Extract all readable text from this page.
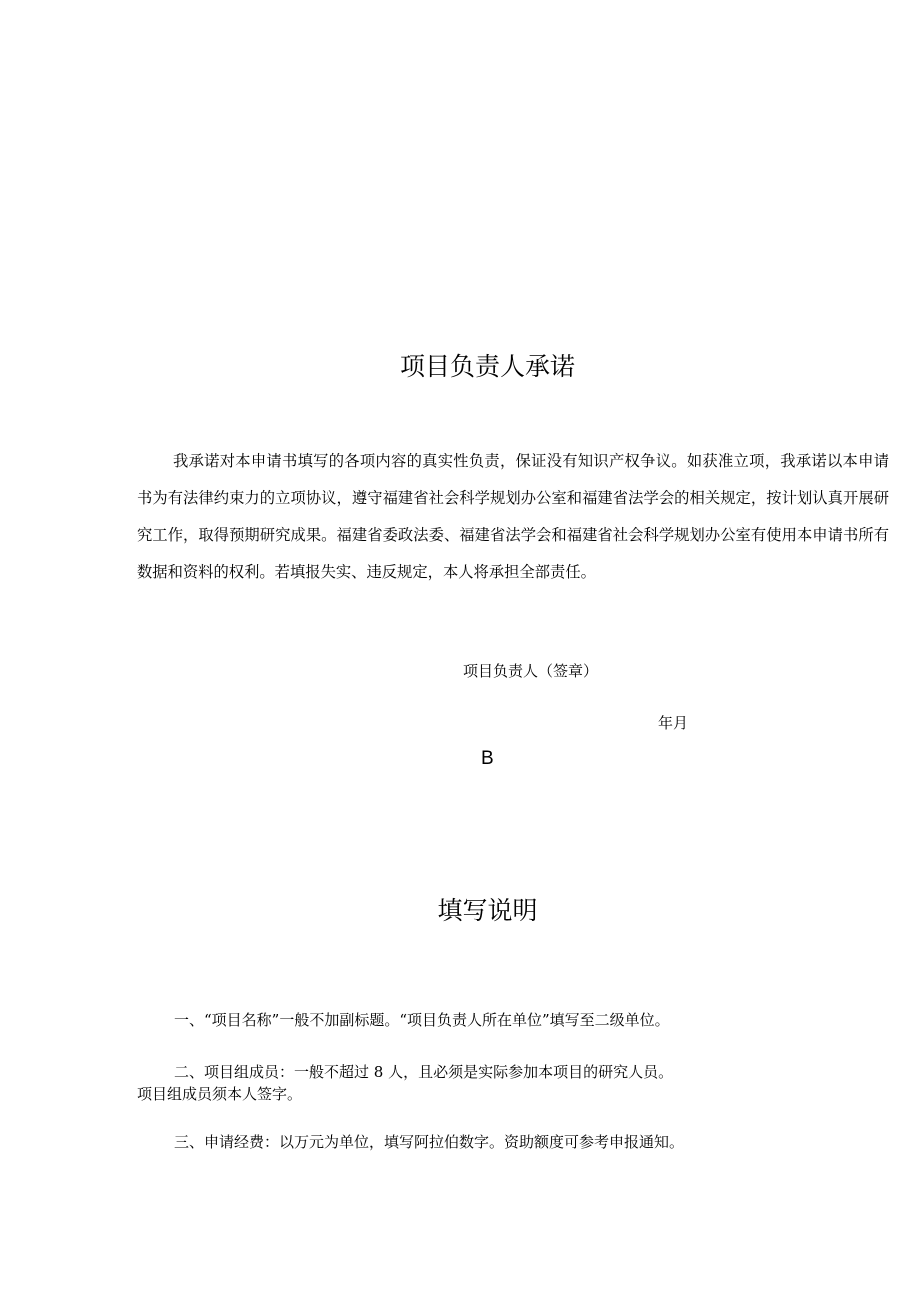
项目负责人承诺

我承诺对本申请书填写的各项内容的真实性负责，保证没有知识产权争议。如获准立项，我承诺以本申请书为有法律约束力的立项协议，遵守福建省社会科学规划办公室和福建省法学会的相关规定，按计划认真开展研究工作，取得预期研究成果。福建省委政法委、福建省法学会和福建省社会科学规划办公室有使用本申请书所有数据和资料的权利。若填报失实、违反规定，本人将承担全部责任。

项目负责人（签章）
年月
B
填写说明

一、“项目名称”一般不加副标题。“项目负责人所在单位”填写至二级单位。

二、项目组成员：一般不超过 8 人，且必须是实际参加本项目的研究人员。
项目组成员须本人签字。

三、申请经费：以万元为单位，填写阿拉伯数字。资助额度可参考申报通知。
